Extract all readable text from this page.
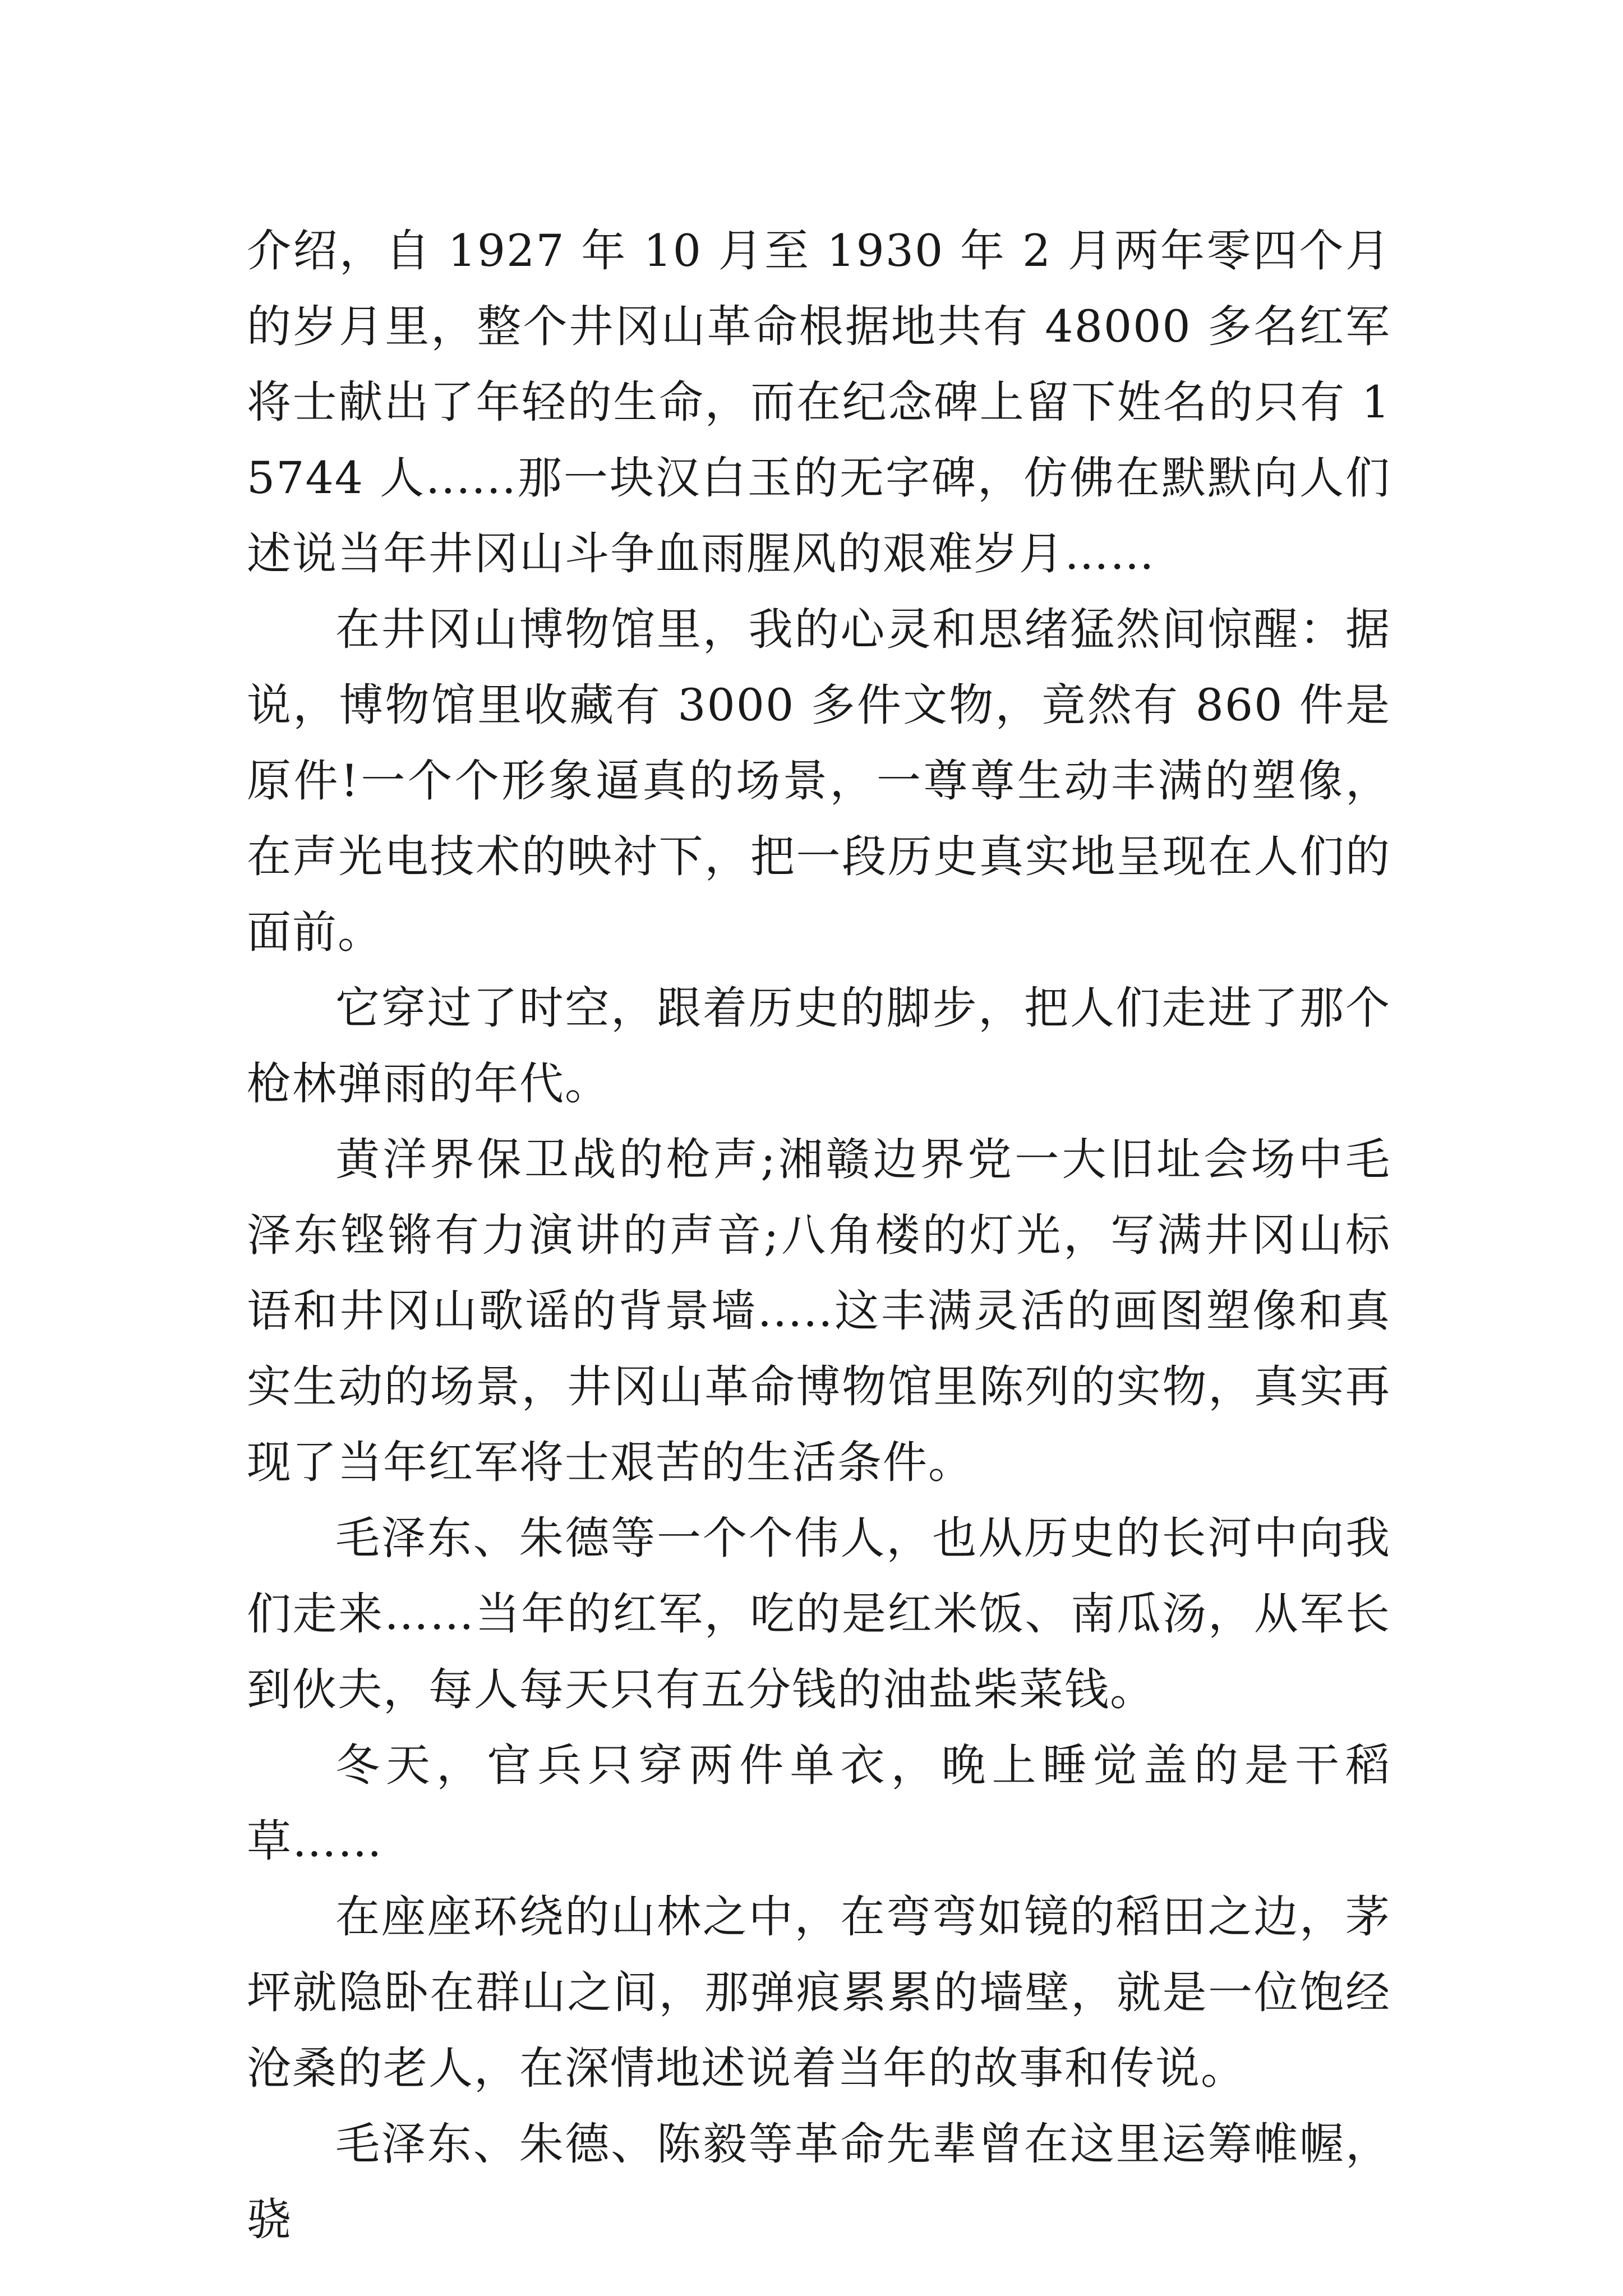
介绍，自 1927 年 10 月至 1930 年 2 月两年零四个月的岁月里，整个井冈山革命根据地共有 48000 多名红军将士献出了年轻的生命，而在纪念碑上留下姓名的只有 15744 人......那一块汉白玉的无字碑，仿佛在默默向人们述说当年井冈山斗争血雨腥风的艰难岁月……

在井冈山博物馆里，我的心灵和思绪猛然间惊醒：据说，博物馆里收藏有 3000 多件文物，竟然有 860 件是原件!一个个形象逼真的场景，一尊尊生动丰满的塑像，在声光电技术的映衬下，把一段历史真实地呈现在人们的面前。

它穿过了时空，跟着历史的脚步，把人们走进了那个枪林弹雨的年代。

黄洋界保卫战的枪声;湘赣边界党一大旧址会场中毛泽东铿锵有力演讲的声音;八角楼的灯光，写满井冈山标语和井冈山歌谣的背景墙.....这丰满灵活的画图塑像和真实生动的场景，井冈山革命博物馆里陈列的实物，真实再现了当年红军将士艰苦的生活条件。

毛泽东、朱德等一个个伟人，也从历史的长河中向我们走来……当年的红军，吃的是红米饭、南瓜汤，从军长到伙夫，每人每天只有五分钱的油盐柴菜钱。

冬天，官兵只穿两件单衣，晚上睡觉盖的是干稻草……

在座座环绕的山林之中，在弯弯如镜的稻田之边，茅坪就隐卧在群山之间，那弹痕累累的墙壁，就是一位饱经沧桑的老人，在深情地述说着当年的故事和传说。

毛泽东、朱德、陈毅等革命先辈曾在这里运筹帷幄，骁
